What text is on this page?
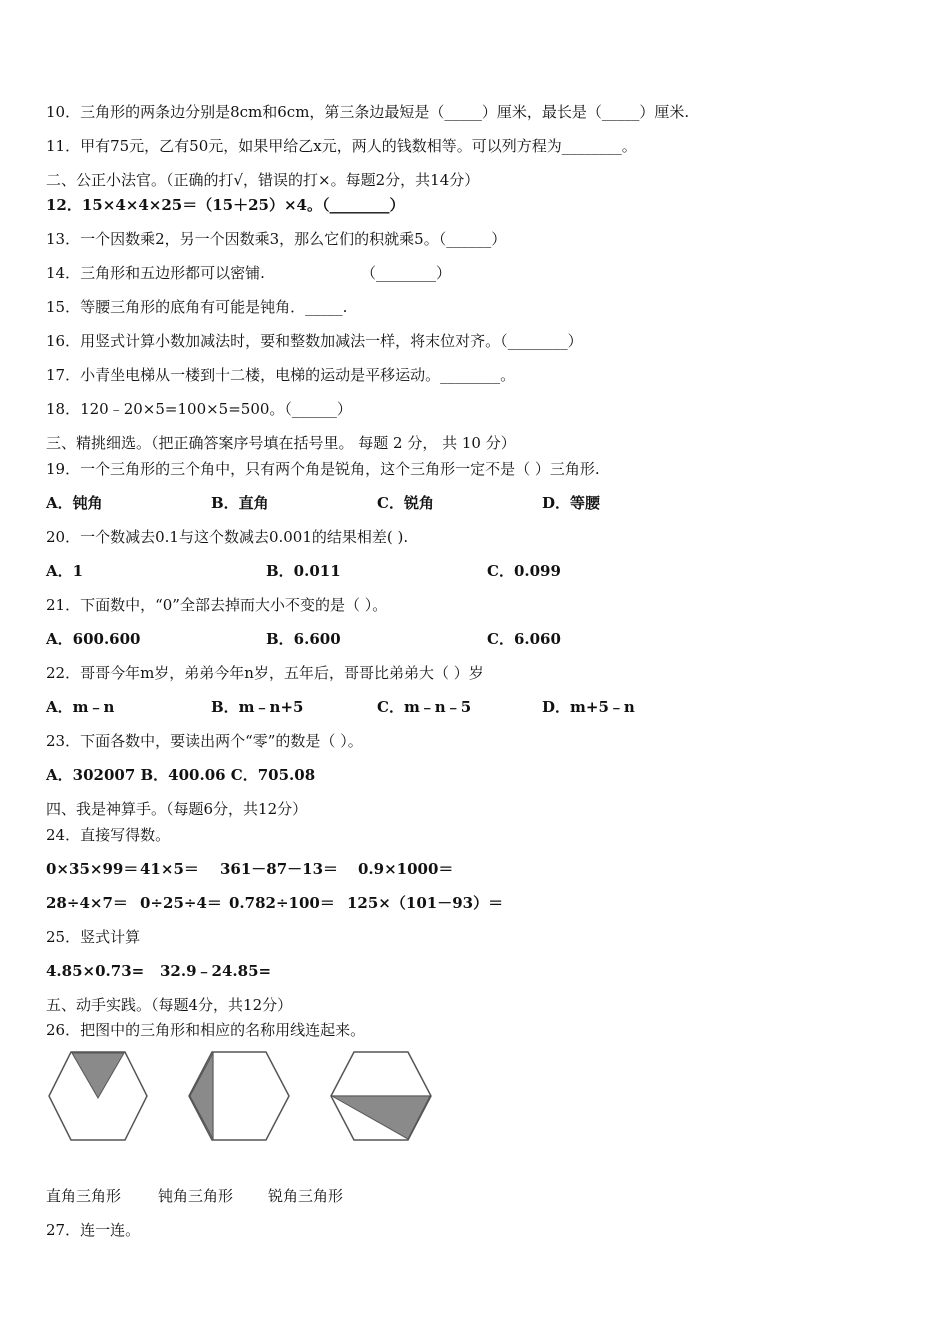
10．三角形的两条边分别是8cm和6cm，第三条边最短是（_____）厘米，最长是（_____）厘米.
11．甲有75元，乙有50元，如果甲给乙x元，两人的钱数相等。可以列方程为________。
二、公正小法官。（正确的打√，错误的打×。每题2分，共14分）
12．15×4×4×25＝（15＋25）×4。（________）
13．一个因数乘2，另一个因数乘3，那么它们的积就乘5。（______）
14．三角形和五边形都可以密铺.	（________）
15．等腰三角形的底角有可能是钝角．_____.
16．用竖式计算小数加减法时，要和整数加减法一样，将末位对齐。（________）
17．小青坐电梯从一楼到十二楼，电梯的运动是平移运动。________。
18．120﹣20×5=100×5=500。（______）
三、精挑细选。（把正确答案序号填在括号里。 每题 2 分， 共 10 分）
19．一个三角形的三个角中，只有两个角是锐角，这个三角形一定不是（ ）三角形.
A．钝角	B．直角	C．锐角	D．等腰
20．一个数减去0.1与这个数减去0.001的结果相差( ).
A．1	B．0.011	C．0.099
21．下面数中，“0”全部去掉而大小不变的是（ ）。
A．600.600	B．6.600	C．6.060
22．哥哥今年m岁，弟弟今年n岁，五年后，哥哥比弟弟大（ ）岁
A．m﹣n	B．m﹣n+5	C．m﹣n﹣5	D．m+5﹣n
23．下面各数中，要读出两个“零”的数是（ ）。
A．302007 B．400.06 C．705.08
四、我是神算手。（每题6分，共12分）
24．直接写得数。
0×35×99＝ 41×5＝ 361－87－13＝ 0.9×1000＝
28÷4×7＝ 0÷25÷4＝ 0.782÷100＝ 125×（101－93）＝
25．竖式计算
4.85×0.73= 32.9﹣24.85=
五、动手实践。（每题4分，共12分）
26．把图中的三角形和相应的名称用线连起来。
直角三角形 钝角三角形 锐角三角形
27．连一连。
